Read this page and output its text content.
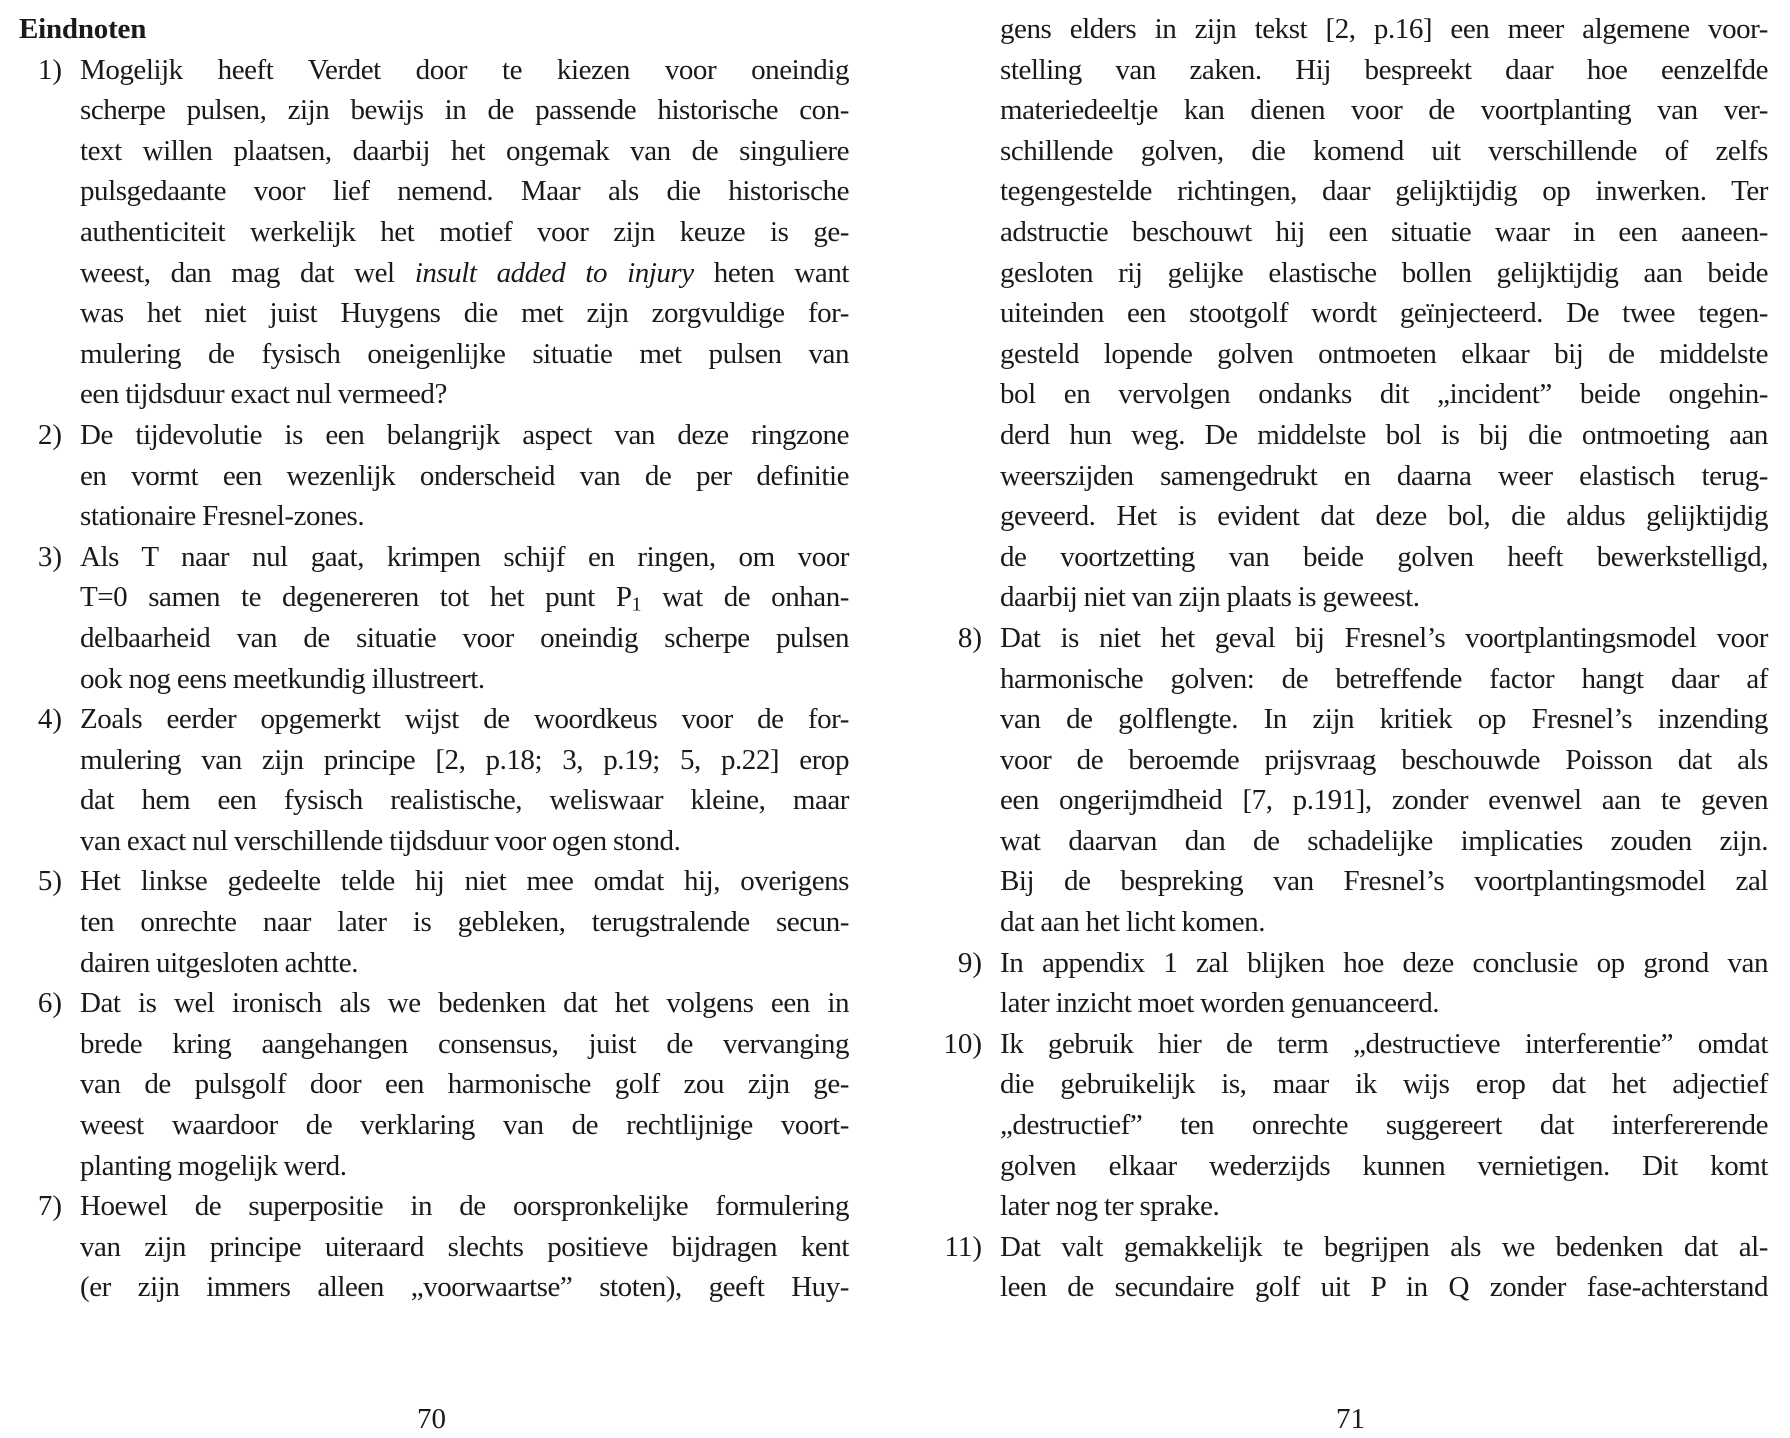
Eindnoten
1) Mogelijk heeft Verdet door te kiezen voor oneindig
scherpe pulsen, zijn bewijs in de passende historische con-
text willen plaatsen, daarbij het ongemak van de singuliere
pulsgedaante voor lief nemend. Maar als die historische
authenticiteit werkelijk het motief voor zijn keuze is ge-
weest, dan mag dat wel insult added to injury heten want
was het niet juist Huygens die met zijn zorgvuldige for-
mulering de fysisch oneigenlijke situatie met pulsen van
een tijdsduur exact nul vermeed?
2) De tijdevolutie is een belangrijk aspect van deze ringzone
en vormt een wezenlijk onderscheid van de per definitie
stationaire Fresnel-zones.
3) Als T naar nul gaat, krimpen schijf en ringen, om voor
T=0 samen te degenereren tot het punt $P_1$ wat de onhan-
delbaarheid van de situatie voor oneindig scherpe pulsen
ook nog eens meetkundig illustreert.
4) Zoals eerder opgemerkt wijst de woordkeus voor de for-
mulering van zijn principe [2, p.18; 3, p.19; 5, p.22] erop
dat hem een fysisch realistische, weliswaar kleine, maar
van exact nul verschillende tijdsduur voor ogen stond.
5) Het linkse gedeelte telde hij niet mee omdat hij, overigens
ten onrechte naar later is gebleken, terugstralende secun-
dairen uitgesloten achtte.
6) Dat is wel ironisch als we bedenken dat het volgens een in
brede kring aangehangen consensus, juist de vervanging
van de pulsgolf door een harmonische golf zou zijn ge-
weest waardoor de verklaring van de rechtlijnige voort-
planting mogelijk werd.
7) Hoewel de superpositie in de oorspronkelijke formulering
van zijn principe uiteraard slechts positieve bijdragen kent
(er zijn immers alleen „voorwaartse” stoten), geeft Huy-
gens elders in zijn tekst [2, p.16] een meer algemene voor-
stelling van zaken. Hij bespreekt daar hoe eenzelfde
materiedeeltje kan dienen voor de voortplanting van ver-
schillende golven, die komend uit verschillende of zelfs
tegengestelde richtingen, daar gelijktijdig op inwerken. Ter
adstructie beschouwt hij een situatie waar in een aaneen-
gesloten rij gelijke elastische bollen gelijktijdig aan beide
uiteinden een stootgolf wordt geïnjecteerd. De twee tegen-
gesteld lopende golven ontmoeten elkaar bij de middelste
bol en vervolgen ondanks dit „incident” beide ongehin-
derd hun weg. De middelste bol is bij die ontmoeting aan
weerszijden samengedrukt en daarna weer elastisch terug-
geveerd. Het is evident dat deze bol, die aldus gelijktijdig
de voortzetting van beide golven heeft bewerkstelligd,
daarbij niet van zijn plaats is geweest.
8) Dat is niet het geval bij Fresnel’s voortplantingsmodel voor
harmonische golven: de betreffende factor hangt daar af
van de golflengte. In zijn kritiek op Fresnel’s inzending
voor de beroemde prijsvraag beschouwde Poisson dat als
een ongerijmdheid [7, p.191], zonder evenwel aan te geven
wat daarvan dan de schadelijke implicaties zouden zijn.
Bij de bespreking van Fresnel’s voortplantingsmodel zal
dat aan het licht komen.
9) In appendix 1 zal blijken hoe deze conclusie op grond van
later inzicht moet worden genuanceerd.
10) Ik gebruik hier de term „destructieve interferentie” omdat
die gebruikelijk is, maar ik wijs erop dat het adjectief
„destructief” ten onrechte suggereert dat interfererende
golven elkaar wederzijds kunnen vernietigen. Dit komt
later nog ter sprake.
11) Dat valt gemakkelijk te begrijpen als we bedenken dat al-
leen de secundaire golf uit P in Q zonder fase-achterstand
70	71
